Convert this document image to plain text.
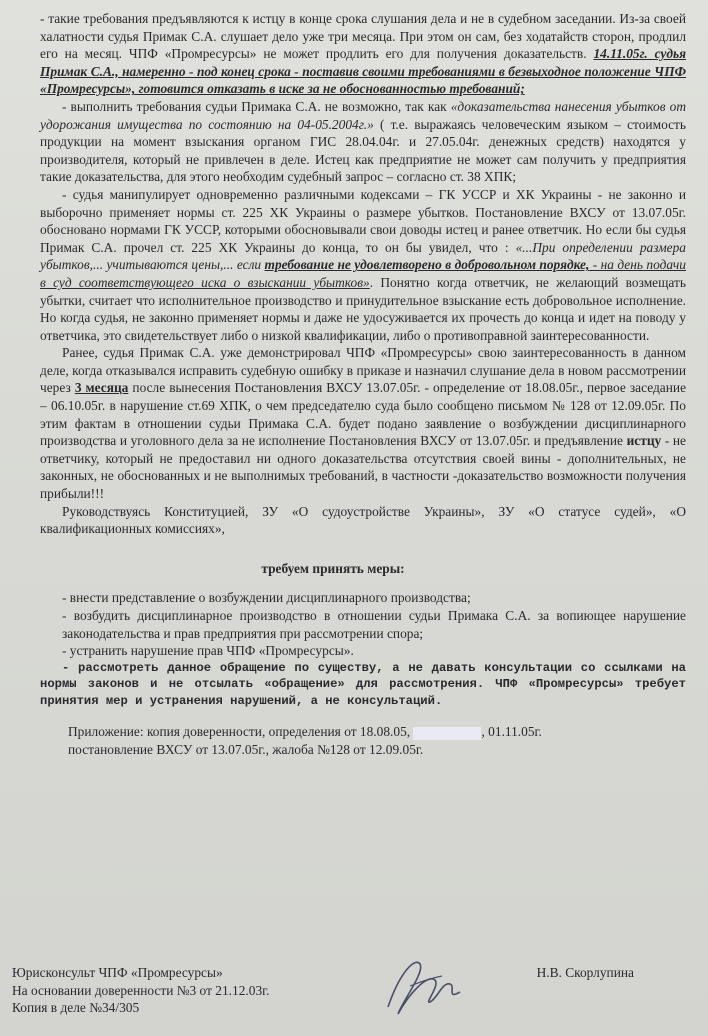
- такие требования предъявляются к истцу в конце срока слушания дела и не в судебном заседании. Из-за своей халатности судья Примак С.А. слушает дело уже три месяца. При этом он сам, без ходатайств сторон, продлил его на месяц. ЧПФ «Промресурсы» не может продлить его для получения доказательств. 14.11.05г. судья Примак С.А., намеренно - под конец срока - поставив своими требованиями в безвыходное положение ЧПФ «Промресурсы», готовится отказать в иске за не обоснованностью требований;

- выполнить требования судьи Примака С.А. не возможно, так как «доказательства нанесения убытков от удорожания имущества по состоянию на 04-05.2004г.» ( т.е. выражаясь человеческим языком – стоимость продукции на момент взыскания органом ГИС 28.04.04г. и 27.05.04г. денежных средств) находятся у производителя, который не привлечен в деле. Истец как предприятие не может сам получить у предприятия такие доказательства, для этого необходим судебный запрос – согласно ст. 38 ХПК;

- судья манипулирует одновременно различными кодексами – ГК УССР и ХК Украины - не законно и выборочно применяет нормы ст. 225 ХК Украины о размере убытков. Постановление ВХСУ от 13.07.05г. обосновано нормами ГК УССР, которыми обосновывали свои доводы истец и ранее ответчик. Но если бы судья Примак С.А. прочел ст. 225 ХК Украины до конца, то он бы увидел, что : «...При определении размера убытков,... учитываются цены,... если требование не удовлетворено в добровольном порядке, - на день подачи в суд соответствующего иска о взыскании убытков». Понятно когда ответчик, не желающий возмещать убытки, считает что исполнительное производство и принудительное взыскание есть добровольное исполнение. Но когда судья, не законно применяет нормы и даже не удосуживается их прочесть до конца и идет на поводу у ответчика, это свидетельствует либо о низкой квалификации, либо о противоправной заинтересованности.

Ранее, судья Примак С.А. уже демонстрировал ЧПФ «Промресурсы» свою заинтересованность в данном деле, когда отказывался исправить судебную ошибку в приказе и назначил слушание дела в новом рассмотрении через 3 месяца после вынесения Постановления ВХСУ 13.07.05г. - определение от 18.08.05г., первое заседание – 06.10.05г. в нарушение ст.69 ХПК, о чем председателю суда было сообщено письмом № 128 от 12.09.05г. По этим фактам в отношении судьи Примака С.А. будет подано заявление о возбуждении дисциплинарного производства и уголовного дела за не исполнение Постановления ВХСУ от 13.07.05г. и предъявление истцу - не ответчику, который не предоставил ни одного доказательства отсутствия своей вины - дополнительных, не законных, не обоснованных и не выполнимых требований, в частности -доказательство возможности получения прибыли!!!

Руководствуясь Конституцией, ЗУ «О судоустройстве Украины», ЗУ «О статусе судей», «О квалификационных комиссиях»,

требуем принять меры:

- внести представление о возбуждении дисциплинарного производства;

- возбудить дисциплинарное производство в отношении судьи Примака С.А. за вопиющее нарушение законодательства и прав предприятия при рассмотрении спора;

- устранить нарушение прав ЧПФ «Промресурсы».

- рассмотреть данное обращение по существу, а не давать консультации со ссылками на нормы законов и не отсылать «обращение» для рассмотрения. ЧПФ «Промресурсы» требует принятия мер и устранения нарушений, а не консультаций.

Приложение: копия доверенности, определения от 18.08.05,	, 01.11.05г.

постановление ВХСУ от 13.07.05г., жалоба №128 от 12.09.05г.

Юрисконсульт ЧПФ «Промресурсы»	Н.В. Скорлупина
На основании доверенности №3 от 21.12.03г.
Копия в деле №34/305
